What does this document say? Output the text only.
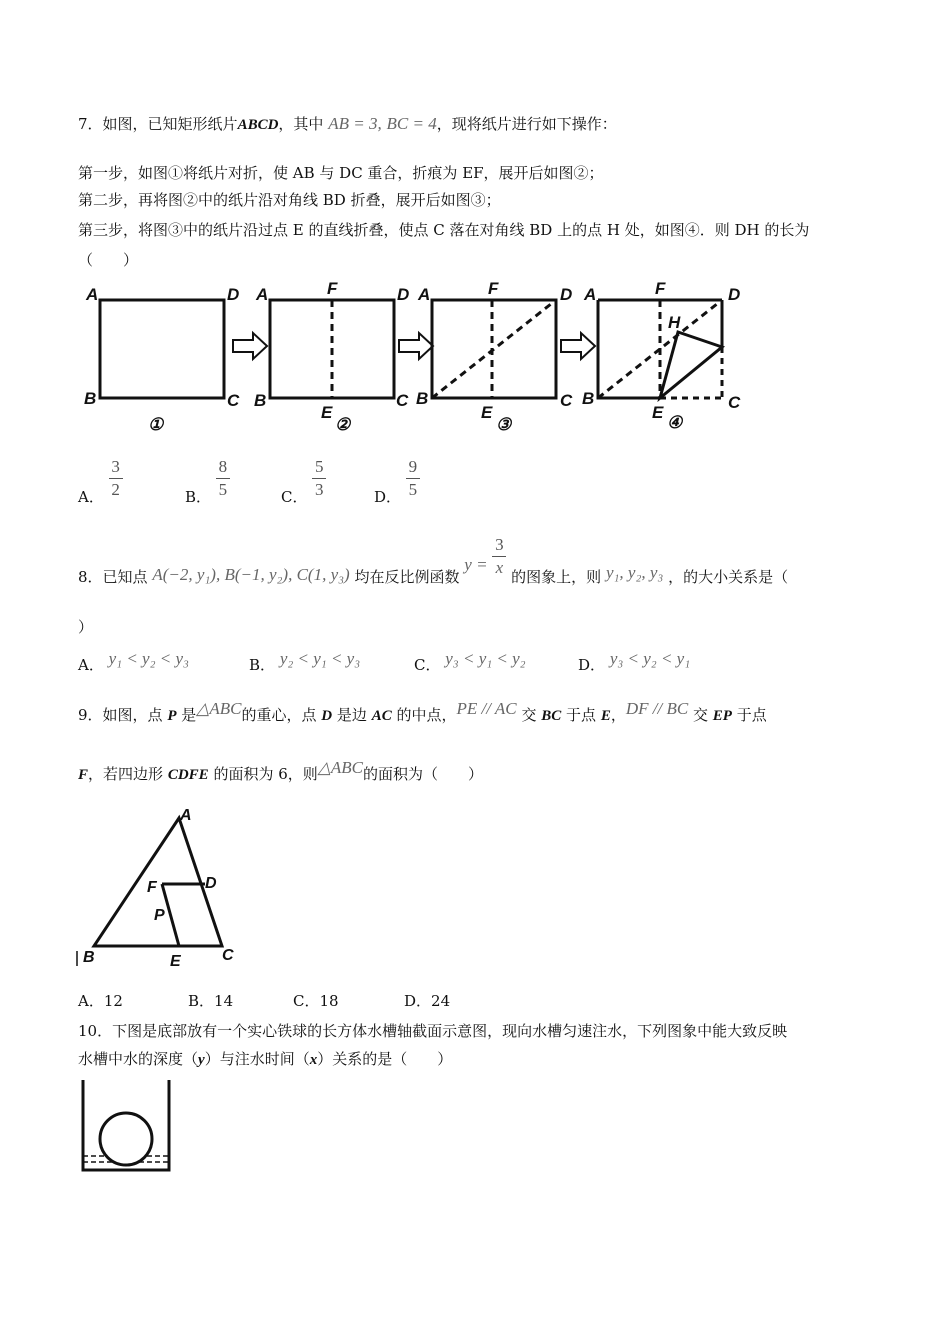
7．如图，已知矩形纸片ABCD，其中 AB = 3, BC = 4，现将纸片进行如下操作：
第一步，如图①将纸片对折，使 AB 与 DC 重合，折痕为 EF，展开后如图②；
第二步，再将图②中的纸片沿对角线 BD 折叠，展开后如图③；
第三步，将图③中的纸片沿过点 E 的直线折叠，使点 C 落在对角线 BD 上的点 H 处，如图④．则 DH 的长为
（　　）
A	D
B	C
①
A	F	D
B	C
E
②
A	F	D
B	C
E
③
A	F	D
H
B	C
E
④
A． $\frac{3}{2}$	B． $\frac{8}{5}$	C． $\frac{5}{3}$	D． $\frac{9}{5}$
8．已知点 A(−2, y₁), B(−1, y₂), C(1, y₃) 均在反比例函数 $y = \frac{3}{x}$ 的图象上，则 y₁, y₂, y₃ ，的大小关系是（
）
A． y₁ < y₂ < y₃	B． y₂ < y₁ < y₃	C． y₃ < y₁ < y₂	D． y₃ < y₂ < y₁
9．如图，点 P 是△ABC的重心，点 D 是边 AC 的中点，PE // AC 交 BC 于点 E，DF // BC 交 EP 于点
F，若四边形 CDFE 的面积为 6，则△ABC的面积为（　　）
A
D
F
P
B	E	C
A．12	B．14	C．18	D．24
10．下图是底部放有一个实心铁球的长方体水槽轴截面示意图，现向水槽匀速注水，下列图象中能大致反映
水槽中水的深度（y）与注水时间（x）关系的是（　　）
